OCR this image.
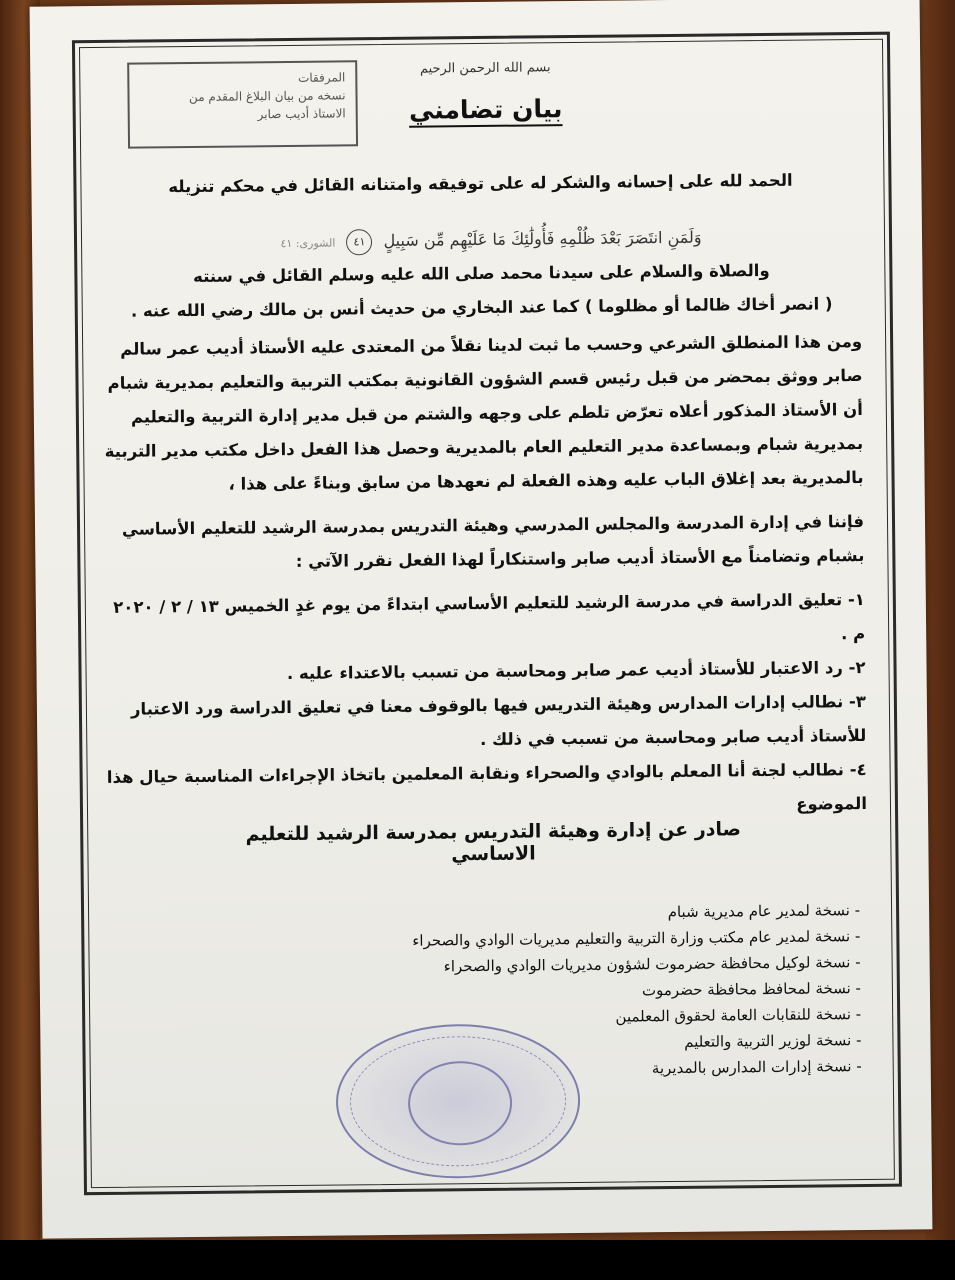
المرفقات
نسخه من بيان البلاغ المقدم من
الاستاذ أديب صابر
بسم الله الرحمن الرحيم
بيان تضامني
الحمد لله على إحسانه والشكر له على توفيقه وامتنانه القائل في محكم تنزيله
وَلَمَنِ انتَصَرَ بَعْدَ ظُلْمِهِ فَأُولَٰئِكَ مَا عَلَيْهِم مِّن سَبِيلٍ ٤١ الشورى: ٤١
والصلاة والسلام على سيدنا محمد صلى الله عليه وسلم القائل في سنته
( انصر أخاك ظالما أو مظلوما ) كما عند البخاري من حديث أنس بن مالك رضي الله عنه .
ومن هذا المنطلق الشرعي وحسب ما ثبت لدينا نقلاً من المعتدى عليه الأستاذ أديب عمر سالم صابر ووثق بمحضر من قبل رئيس قسم الشؤون القانونية بمكتب التربية والتعليم بمديرية شبام أن الأستاذ المذكور أعلاه تعرّض تلطم على وجهه والشتم من قبل مدير إدارة التربية والتعليم بمديرية شبام وبمساعدة مدير التعليم العام بالمديرية وحصل هذا الفعل داخل مكتب مدير التربية بالمديرية بعد إغلاق الباب عليه وهذه الفعلة لم نعهدها من سابق وبناءً على هذا ،
فإننا في إدارة المدرسة والمجلس المدرسي وهيئة التدريس بمدرسة الرشيد للتعليم الأساسي بشبام وتضامناً مع الأستاذ أديب صابر واستنكاراً لهذا الفعل نقرر الآتي :
١- تعليق الدراسة في مدرسة الرشيد للتعليم الأساسي ابتداءً من يوم غدٍ الخميس ١٣ / ٢ / ٢٠٢٠ م .
٢- رد الاعتبار للأستاذ أديب عمر صابر ومحاسبة من تسبب بالاعتداء عليه .
٣- نطالب إدارات المدارس وهيئة التدريس فيها بالوقوف معنا في تعليق الدراسة ورد الاعتبار للأستاذ أديب صابر ومحاسبة من تسبب في ذلك .
٤- نطالب لجنة أنا المعلم بالوادي والصحراء ونقابة المعلمين باتخاذ الإجراءات المناسبة حيال هذا الموضوع
صادر عن إدارة وهيئة التدريس بمدرسة الرشيد للتعليم الاساسي
- نسخة لمدير عام مديرية شبام
- نسخة لمدير عام مكتب وزارة التربية والتعليم مديريات الوادي والصحراء
- نسخة لوكيل محافظة حضرموت لشؤون مديريات الوادي والصحراء
- نسخة لمحافظ محافظة حضرموت
- نسخة للنقابات العامة لحقوق المعلمين
- نسخة لوزير التربية والتعليم
- نسخة إدارات المدارس بالمديرية
